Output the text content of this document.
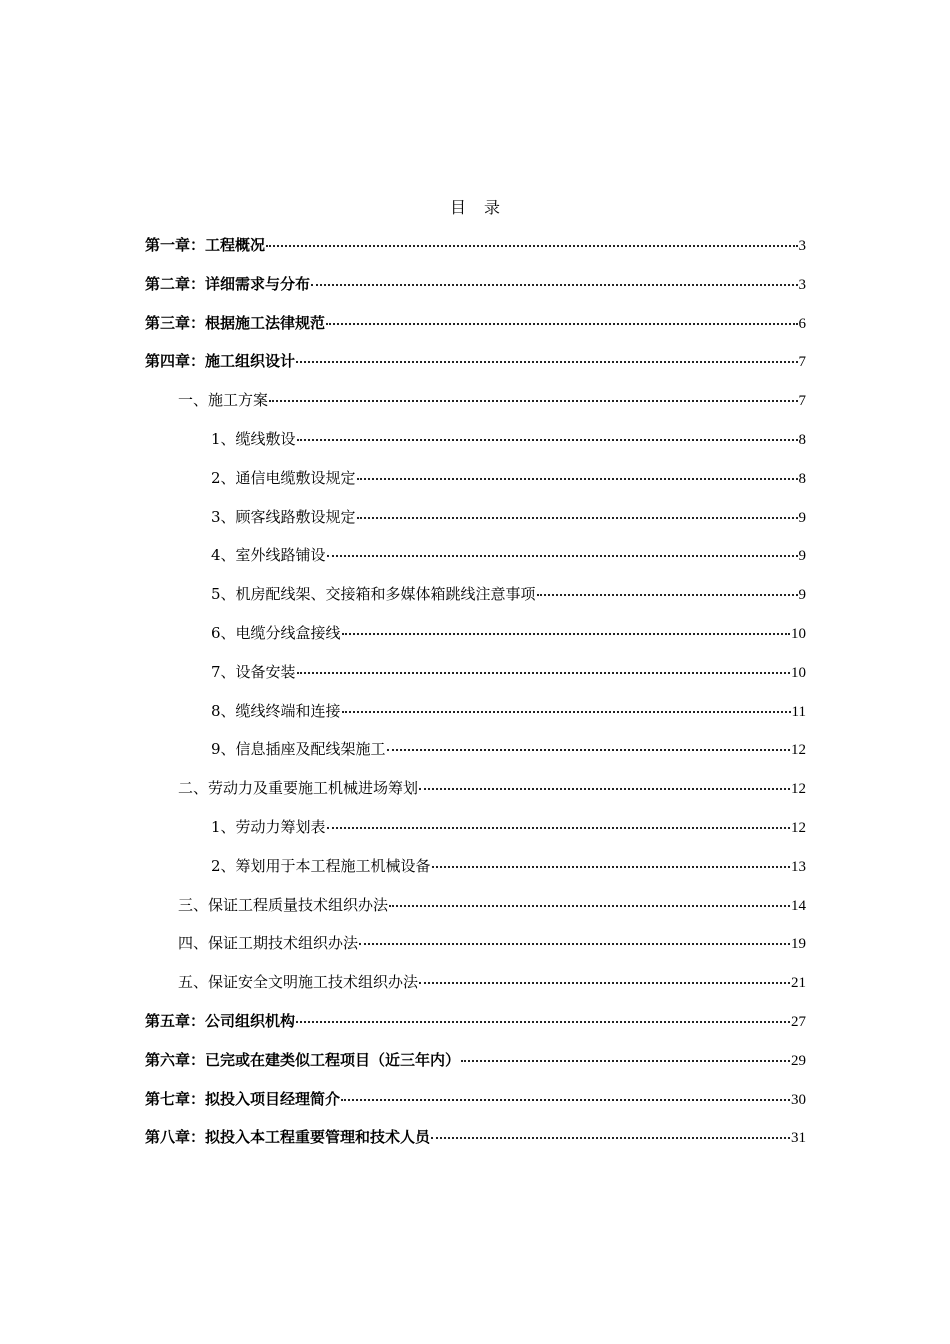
目录
第一章：工程概况	3
第二章：详细需求与分布	3
第三章：根据施工法律规范	6
第四章：施工组织设计	7
一、施工方案	7
1、缆线敷设	8
2、通信电缆敷设规定	8
3、顾客线路敷设规定	9
4、室外线路铺设	9
5、机房配线架、交接箱和多媒体箱跳线注意事项	9
6、电缆分线盒接线	10
7、设备安装	10
8、缆线终端和连接	11
9、信息插座及配线架施工	12
二、劳动力及重要施工机械进场筹划	12
1、劳动力筹划表	12
2、筹划用于本工程施工机械设备	13
三、保证工程质量技术组织办法	14
四、保证工期技术组织办法	19
五、保证安全文明施工技术组织办法	21
第五章：公司组织机构	27
第六章：已完或在建类似工程项目（近三年内）	29
第七章：拟投入项目经理简介	30
第八章：拟投入本工程重要管理和技术人员	31
